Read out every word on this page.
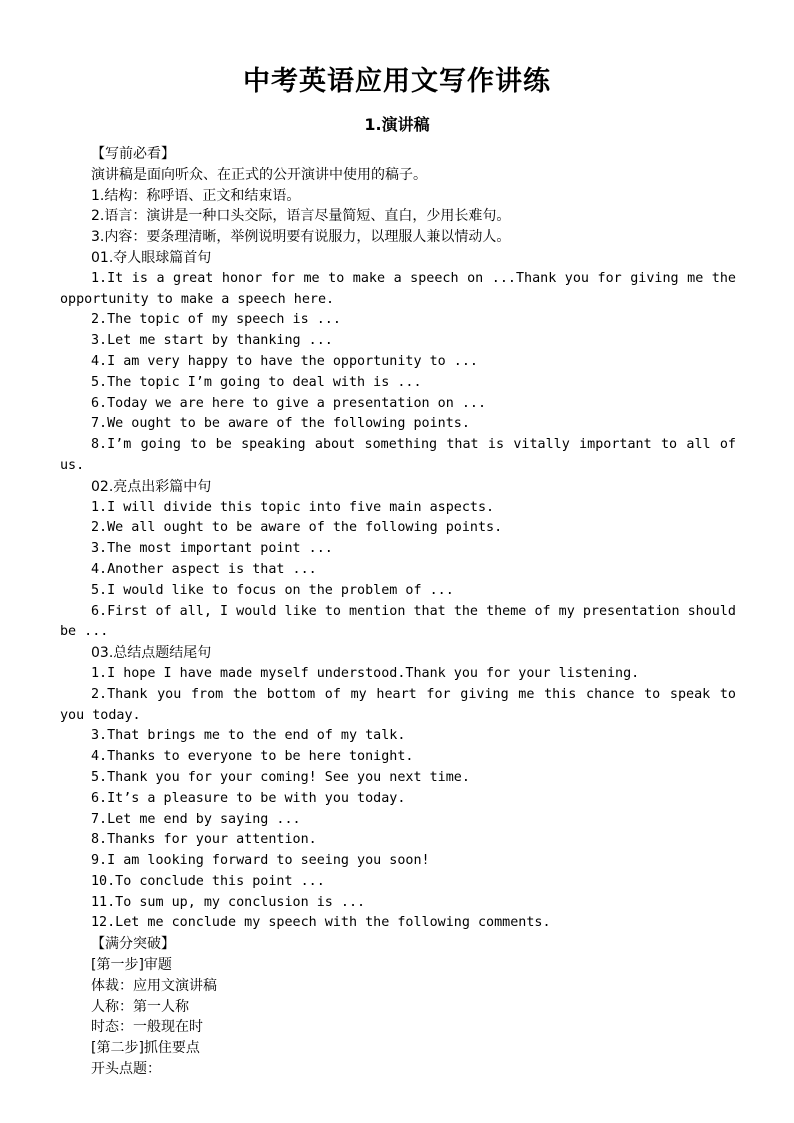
中考英语应用文写作讲练
1.演讲稿

【写前必看】

演讲稿是面向听众、在正式的公开演讲中使用的稿子。

1.结构：称呼语、正文和结束语。

2.语言：演讲是一种口头交际，语言尽量简短、直白，少用长难句。

3.内容：要条理清晰，举例说明要有说服力，以理服人兼以情动人。

01.夺人眼球篇首句

1.It is a great honor for me to make a speech on ...Thank you for giving me the opportunity to make a speech here.

2.The topic of my speech is ...

3.Let me start by thanking ...

4.I am very happy to have the opportunity to ...

5.The topic I’m going to deal with is ...

6.Today we are here to give a presentation on ...

7.We ought to be aware of the following points.

8.I’m going to be speaking about something that is vitally important to all of us.

02.亮点出彩篇中句

1.I will divide this topic into five main aspects.

2.We all ought to be aware of the following points.

3.The most important point ...

4.Another aspect is that ...

5.I would like to focus on the problem of ...

6.First of all, I would like to mention that the theme of my presentation should be ...

03.总结点题结尾句

1.I hope I have made myself understood.Thank you for your listening.

2.Thank you from the bottom of my heart for giving me this chance to speak to you today.

3.That brings me to the end of my talk.

4.Thanks to everyone to be here tonight.

5.Thank you for your coming! See you next time.

6.It’s a pleasure to be with you today.

7.Let me end by saying ...

8.Thanks for your attention.

9.I am looking forward to seeing you soon!

10.To conclude this point ...

11.To sum up, my conclusion is ...

12.Let me conclude my speech with the following comments.

【满分突破】

[第一步]审题

体裁：应用文演讲稿

人称：第一人称

时态：一般现在时

[第二步]抓住要点

开头点题：
